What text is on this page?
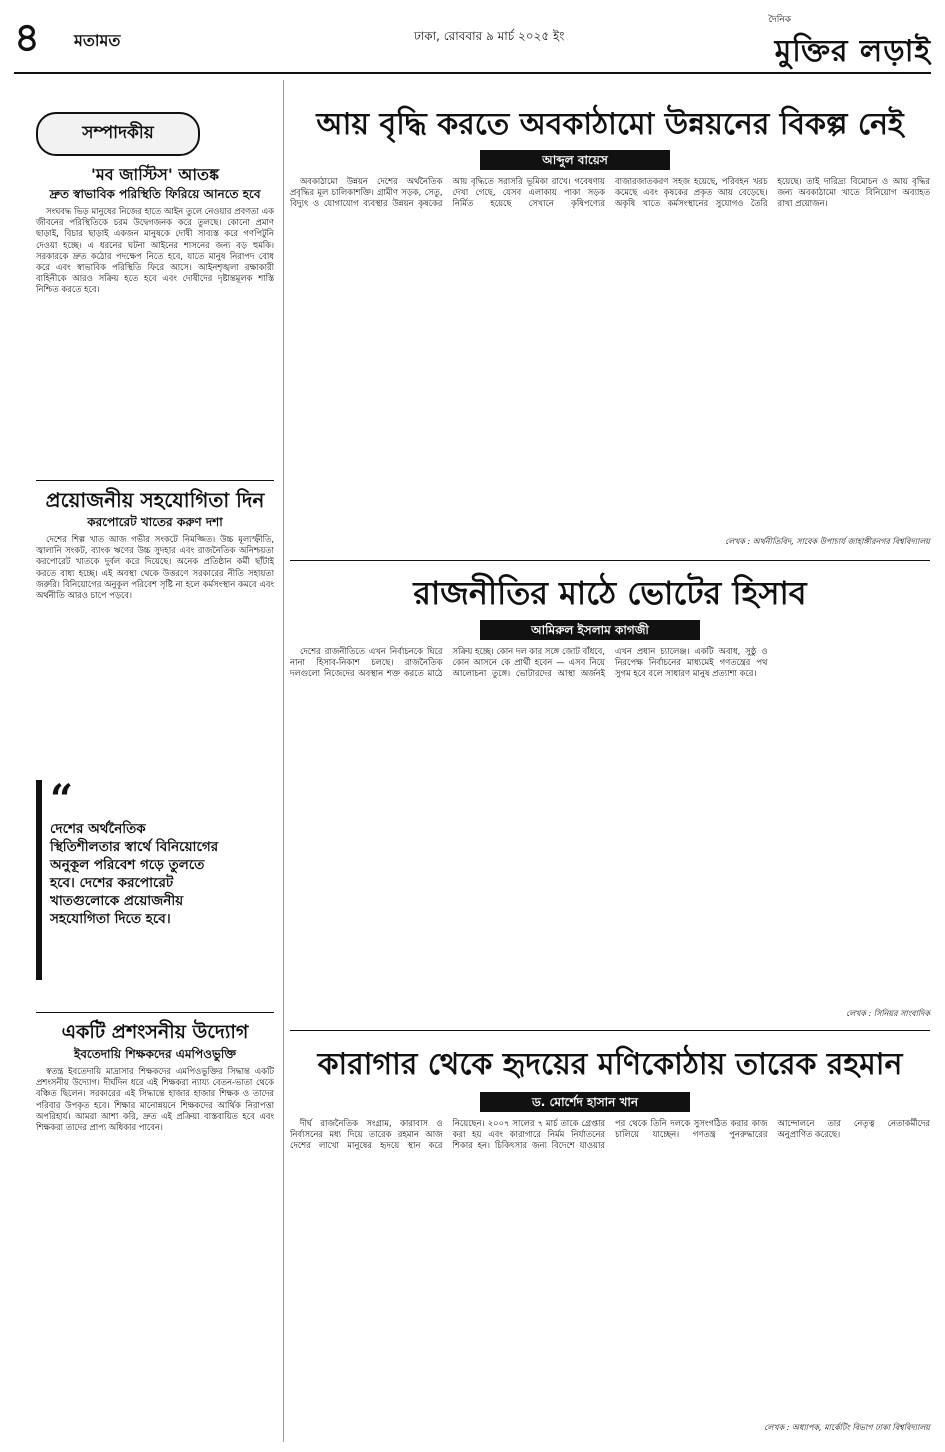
৪ মতামত	ঢাকা, রোববার ৯ মার্চ ২০২৫ ইং
দৈনিক
মুক্তির লড়াই
সম্পাদকীয়
'মব জাস্টিস' আতঙ্ক
দ্রুত স্বাভাবিক পরিস্থিতি ফিরিয়ে আনতে হবে

সংঘবদ্ধ ভিড় মানুষের নিজের হাতে আইন তুলে নেওয়ার প্রবণতা এক জীবনের পরিস্থিতিকে চরম উদ্বেগজনক করে তুলছে। কোনো প্রমাণ ছাড়াই, বিচার ছাড়াই একজন মানুষকে দোষী সাব্যস্ত করে গণপিটুনি দেওয়া হচ্ছে। এ ধরনের ঘটনা আইনের শাসনের জন্য বড় হুমকি। সরকারকে দ্রুত কঠোর পদক্ষেপ নিতে হবে, যাতে মানুষ নিরাপদ বোধ করে এবং স্বাভাবিক পরিস্থিতি ফিরে আসে। আইনশৃঙ্খলা রক্ষাকারী বাহিনীকে আরও সক্রিয় হতে হবে এবং দোষীদের দৃষ্টান্তমূলক শাস্তি নিশ্চিত করতে হবে।

প্রয়োজনীয় সহযোগিতা দিন
করপোরেট খাতের করুণ দশা

দেশের শিল্প খাত আজ গভীর সংকটে নিমজ্জিত। উচ্চ মূল্যস্ফীতি, জ্বালানি সংকট, ব্যাংক ঋণের উচ্চ সুদহার এবং রাজনৈতিক অনিশ্চয়তা করপোরেট খাতকে দুর্বল করে দিয়েছে। অনেক প্রতিষ্ঠান কর্মী ছাঁটাই করতে বাধ্য হচ্ছে। এই অবস্থা থেকে উত্তরণে সরকারের নীতি সহায়তা জরুরি। বিনিয়োগের অনুকূল পরিবেশ সৃষ্টি না হলে কর্মসংস্থান কমবে এবং অর্থনীতি আরও চাপে পড়বে।

“
দেশের অর্থনৈতিক স্থিতিশীলতার স্বার্থে বিনিয়োগের অনুকূল পরিবেশ গড়ে তুলতে হবে। দেশের করপোরেট খাতগুলোকে প্রয়োজনীয় সহযোগিতা দিতে হবে।
একটি প্রশংসনীয় উদ্যোগ
ইবতেদায়ি শিক্ষকদের এমপিওভুক্তি

স্বতন্ত্র ইবতেদায়ি মাদ্রাসার শিক্ষকদের এমপিওভুক্তির সিদ্ধান্ত একটি প্রশংসনীয় উদ্যোগ। দীর্ঘদিন ধরে এই শিক্ষকরা ন্যায্য বেতন-ভাতা থেকে বঞ্চিত ছিলেন। সরকারের এই সিদ্ধান্তে হাজার হাজার শিক্ষক ও তাদের পরিবার উপকৃত হবে। শিক্ষার মানোন্নয়নে শিক্ষকদের আর্থিক নিরাপত্তা অপরিহার্য। আমরা আশা করি, দ্রুত এই প্রক্রিয়া বাস্তবায়িত হবে এবং শিক্ষকরা তাদের প্রাপ্য অধিকার পাবেন।

আয় বৃদ্ধি করতে অবকাঠামো উন্নয়নের বিকল্প নেই
আব্দুল বায়েস

অবকাঠামো উন্নয়ন দেশের অর্থনৈতিক প্রবৃদ্ধির মূল চালিকাশক্তি। গ্রামীণ সড়ক, সেতু, বিদ্যুৎ ও যোগাযোগ ব্যবস্থার উন্নয়ন কৃষকের আয় বৃদ্ধিতে সরাসরি ভূমিকা রাখে। গবেষণায় দেখা গেছে, যেসব এলাকায় পাকা সড়ক নির্মিত হয়েছে সেখানে কৃষিপণ্যের বাজারজাতকরণ সহজ হয়েছে, পরিবহন খরচ কমেছে এবং কৃষকের প্রকৃত আয় বেড়েছে। অকৃষি খাতে কর্মসংস্থানের সুযোগও তৈরি হয়েছে। তাই দারিদ্র্য বিমোচন ও আয় বৃদ্ধির জন্য অবকাঠামো খাতে বিনিয়োগ অব্যাহত রাখা প্রয়োজন।

লেখক : অর্থনীতিবিদ, সাবেক উপাচার্য জাহাঙ্গীরনগর বিশ্ববিদ্যালয়
রাজনীতির মাঠে ভোটের হিসাব
আমিরুল ইসলাম কাগজী

দেশের রাজনীতিতে এখন নির্বাচনকে ঘিরে নানা হিসাব-নিকাশ চলছে। রাজনৈতিক দলগুলো নিজেদের অবস্থান শক্ত করতে মাঠে সক্রিয় হচ্ছে। কোন দল কার সঙ্গে জোট বাঁধবে, কোন আসনে কে প্রার্থী হবেন — এসব নিয়ে আলোচনা তুঙ্গে। ভোটারদের আস্থা অর্জনই এখন প্রধান চ্যালেঞ্জ। একটি অবাধ, সুষ্ঠু ও নিরপেক্ষ নির্বাচনের মাধ্যমেই গণতন্ত্রের পথ সুগম হবে বলে সাধারণ মানুষ প্রত্যাশা করে।

লেখক : সিনিয়র সাংবাদিক
কারাগার থেকে হৃদয়ের মণিকোঠায় তারেক রহমান
ড. মোর্শেদ হাসান খান

দীর্ঘ রাজনৈতিক সংগ্রাম, কারাবাস ও নির্বাসনের মধ্য দিয়ে তারেক রহমান আজ দেশের লাখো মানুষের হৃদয়ে স্থান করে নিয়েছেন। ২০০৭ সালের ৭ মার্চ তাকে গ্রেপ্তার করা হয় এবং কারাগারে নির্মম নির্যাতনের শিকার হন। চিকিৎসার জন্য বিদেশে যাওয়ার পর থেকে তিনি দলকে সুসংগঠিত করার কাজ চালিয়ে যাচ্ছেন। গণতন্ত্র পুনরুদ্ধারের আন্দোলনে তার নেতৃত্ব নেতাকর্মীদের অনুপ্রাণিত করেছে।

লেখক : অধ্যাপক, মার্কেটিং বিভাগ ঢাকা বিশ্ববিদ্যালয়
